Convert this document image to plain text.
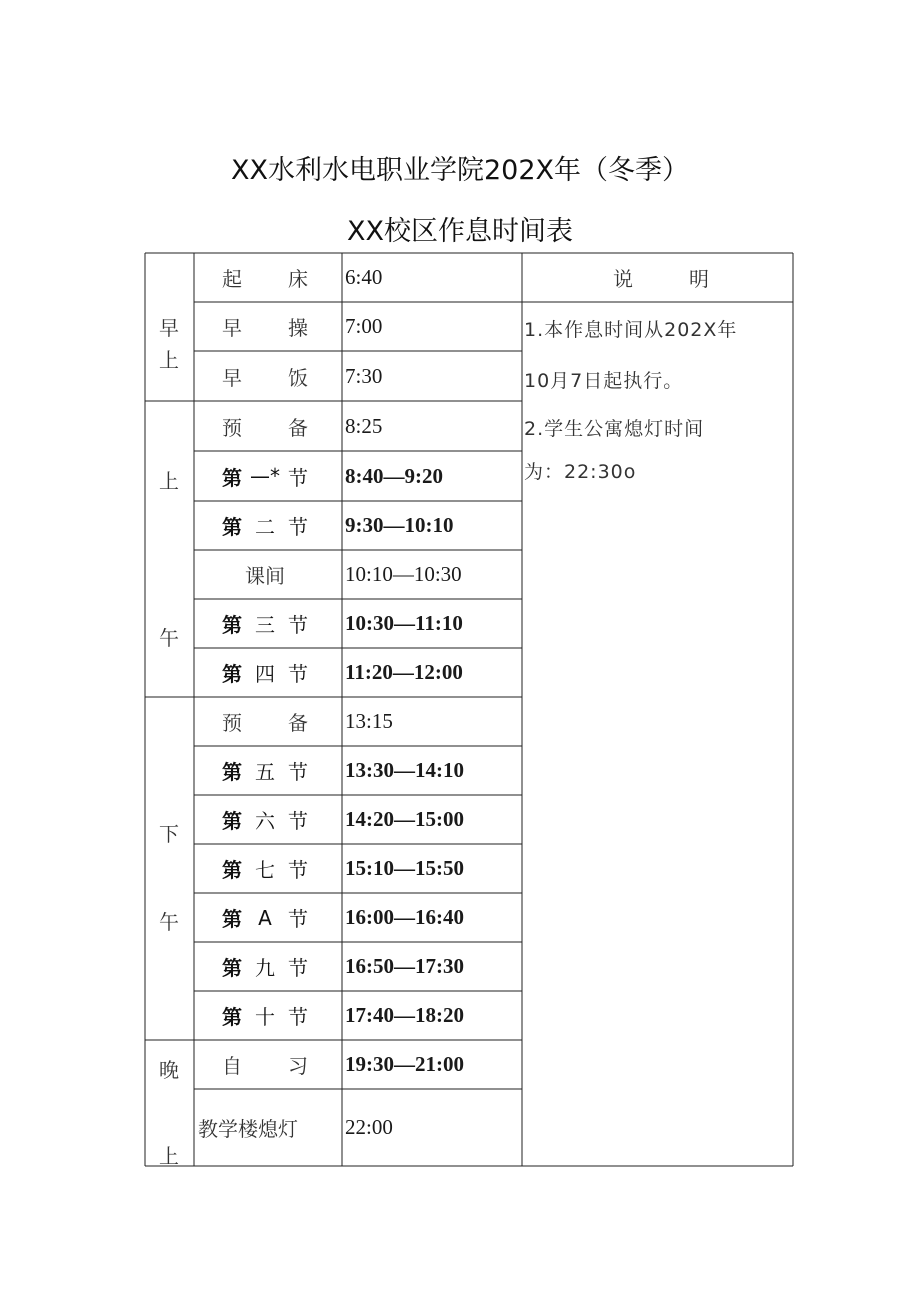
XX水利水电职业学院202X年（冬季）
XX校区作息时间表
早
上
上
午
下
午
晚
上
说	明
1.本作息时间从202X年
10月7日起执行。
2.学生公寓熄灯时间
为：22:30o
起 床 6:40
早 操 7:00
早 饭 7:30
预 备 8:25
第 —* 节 8:40—9:20
第 二 节 9:30—10:10
课间	10:10—10:30
第 三 节 10:30—11:10
第 四 节 11:20—12:00
预 备 13:15
第 五 节 13:30—14:10
第 六 节 14:20—15:00
第 七 节 15:10—15:50
第 A 节 16:00—16:40
第 九 节 16:50—17:30
第 十 节 17:40—18:20
自 习 19:30—21:00
教学楼熄灯 22:00
